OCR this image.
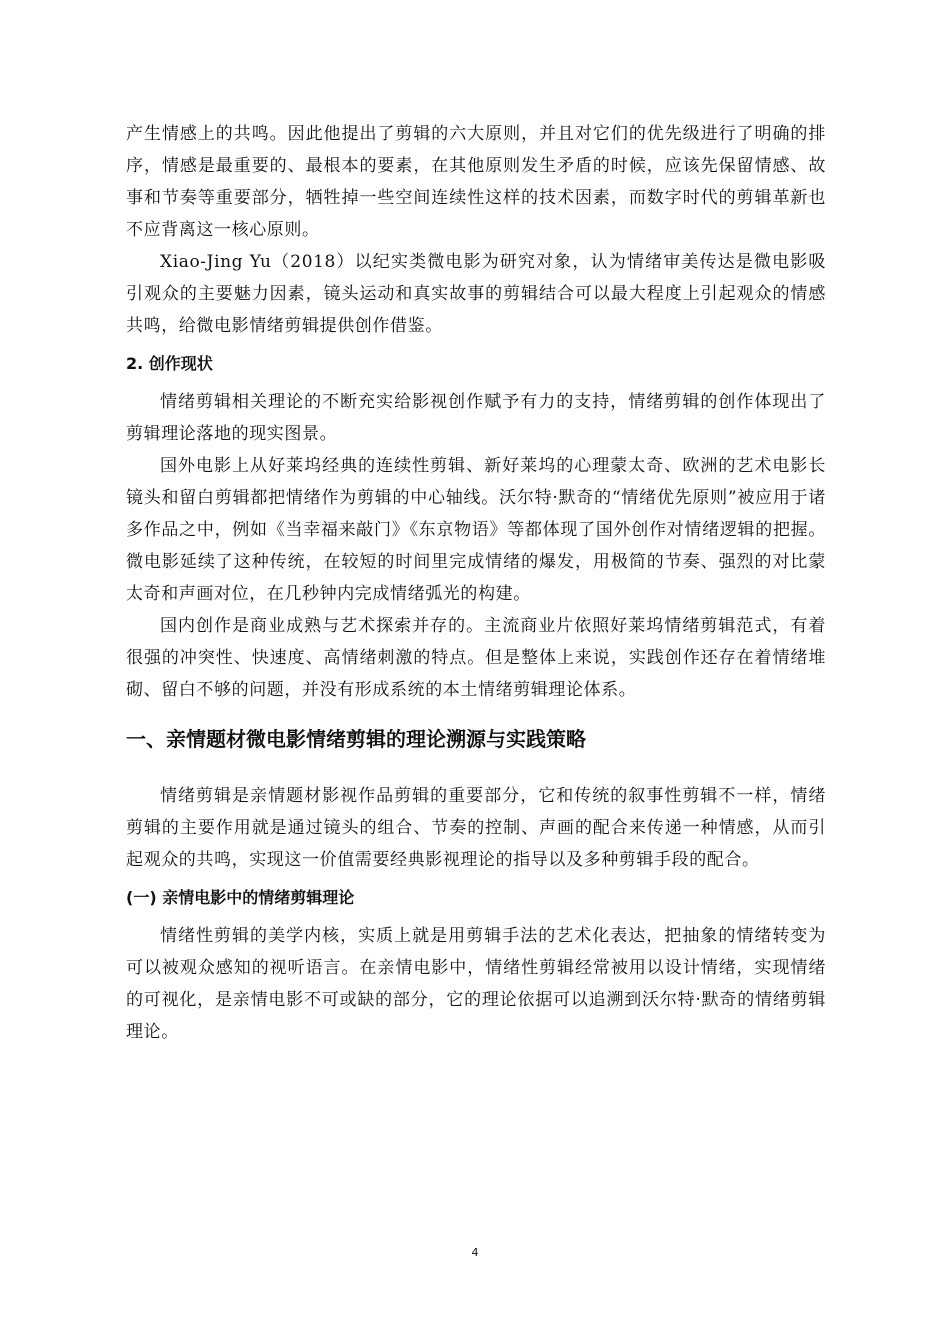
产生情感上的共鸣。因此他提出了剪辑的六大原则，并且对它们的优先级进行了明确的排序，情感是最重要的、最根本的要素，在其他原则发生矛盾的时候，应该先保留情感、故事和节奏等重要部分，牺牲掉一些空间连续性这样的技术因素，而数字时代的剪辑革新也不应背离这一核心原则。

Xiao-Jing Yu（2018）以纪实类微电影为研究对象，认为情绪审美传达是微电影吸引观众的主要魅力因素，镜头运动和真实故事的剪辑结合可以最大程度上引起观众的情感共鸣，给微电影情绪剪辑提供创作借鉴。

2. 创作现状

情绪剪辑相关理论的不断充实给影视创作赋予有力的支持，情绪剪辑的创作体现出了剪辑理论落地的现实图景。

国外电影上从好莱坞经典的连续性剪辑、新好莱坞的心理蒙太奇、欧洲的艺术电影长镜头和留白剪辑都把情绪作为剪辑的中心轴线。沃尔特·默奇的“情绪优先原则”被应用于诸多作品之中，例如《当幸福来敲门》《东京物语》等都体现了国外创作对情绪逻辑的把握。微电影延续了这种传统，在较短的时间里完成情绪的爆发，用极简的节奏、强烈的对比蒙太奇和声画对位，在几秒钟内完成情绪弧光的构建。

国内创作是商业成熟与艺术探索并存的。主流商业片依照好莱坞情绪剪辑范式，有着很强的冲突性、快速度、高情绪刺激的特点。但是整体上来说，实践创作还存在着情绪堆砌、留白不够的问题，并没有形成系统的本土情绪剪辑理论体系。

一、亲情题材微电影情绪剪辑的理论溯源与实践策略

情绪剪辑是亲情题材影视作品剪辑的重要部分，它和传统的叙事性剪辑不一样，情绪剪辑的主要作用就是通过镜头的组合、节奏的控制、声画的配合来传递一种情感，从而引起观众的共鸣，实现这一价值需要经典影视理论的指导以及多种剪辑手段的配合。

(一) 亲情电影中的情绪剪辑理论

情绪性剪辑的美学内核，实质上就是用剪辑手法的艺术化表达，把抽象的情绪转变为可以被观众感知的视听语言。在亲情电影中，情绪性剪辑经常被用以设计情绪，实现情绪的可视化，是亲情电影不可或缺的部分，它的理论依据可以追溯到沃尔特·默奇的情绪剪辑理论。

4
